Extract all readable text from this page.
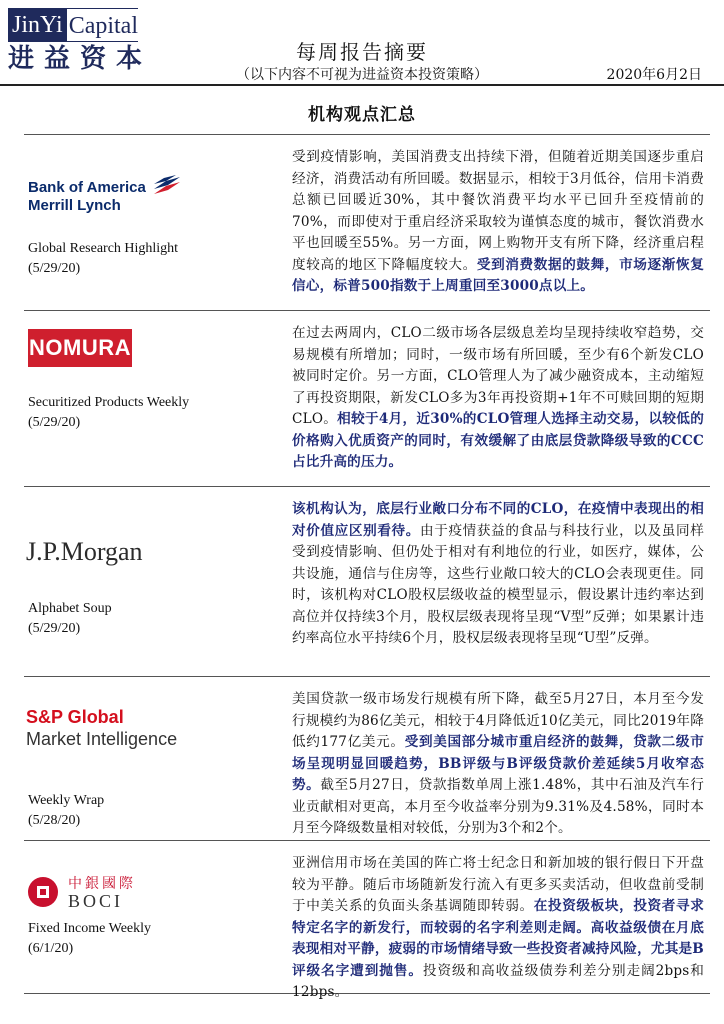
JinYi Capital
进益资本	每周报告摘要
（以下内容不可视为进益资本投资策略）	2020年6月2日
机构观点汇总
Bank of America
Merrill Lynch
Global Research Highlight
(5/29/20)
受到疫情影响，美国消费支出持续下滑，但随着近期美国逐步重启经济，消费活动有所回暖。数据显示，相较于3月低谷，信用卡消费总额已回暖近30%，其中餐饮消费平均水平已回升至疫情前的70%，而即使对于重启经济采取较为谨慎态度的城市，餐饮消费水平也回暖至55%。另一方面，网上购物开支有所下降，经济重启程度较高的地区下降幅度较大。受到消费数据的鼓舞，市场逐渐恢复信心，标普500指数于上周重回至3000点以上。
NOMURA
Securitized Products Weekly
(5/29/20)
在过去两周内，CLO二级市场各层级息差均呈现持续收窄趋势，交易规模有所增加；同时，一级市场有所回暖，至少有6个新发CLO被同时定价。另一方面，CLO管理人为了减少融资成本，主动缩短了再投资期限，新发CLO多为3年再投资期+1年不可赎回期的短期CLO。相较于4月，近30%的CLO管理人选择主动交易，以较低的价格购入优质资产的同时，有效缓解了由底层贷款降级导致的CCC占比升高的压力。
J.P.Morgan
Alphabet Soup
(5/29/20)
该机构认为，底层行业敞口分布不同的CLO，在疫情中表现出的相对价值应区别看待。由于疫情获益的食品与科技行业，以及虽同样受到疫情影响、但仍处于相对有利地位的行业，如医疗，媒体，公共设施，通信与住房等，这些行业敞口较大的CLO会表现更佳。同时，该机构对CLO股权层级收益的模型显示，假设累计违约率达到高位并仅持续3个月，股权层级表现将呈现“V型”反弹；如果累计违约率高位水平持续6个月，股权层级表现将呈现“U型”反弹。
S&P Global
Market Intelligence
Weekly Wrap
(5/28/20)
美国贷款一级市场发行规模有所下降，截至5月27日，本月至今发行规模约为86亿美元，相较于4月降低近10亿美元，同比2019年降低约177亿美元。受到美国部分城市重启经济的鼓舞，贷款二级市场呈现明显回暖趋势，BB评级与B评级贷款价差延续5月收窄态势。截至5月27日，贷款指数单周上涨1.48%，其中石油及汽车行业贡献相对更高，本月至今收益率分别为9.31%及4.58%，同时本月至今降级数量相对较低，分别为3个和2个。
中銀國際
BOCI
Fixed Income Weekly
(6/1/20)
亚洲信用市场在美国的阵亡将士纪念日和新加坡的银行假日下开盘较为平静。随后市场随新发行流入有更多买卖活动，但收盘前受制于中美关系的负面头条基调随即转弱。在投资级板块，投资者寻求特定名字的新发行，而较弱的名字利差则走阔。高收益级债在月底表现相对平静，疲弱的市场情绪导致一些投资者减持风险，尤其是B评级名字遭到抛售。投资级和高收益级债券利差分别走阔2bps和12bps。
